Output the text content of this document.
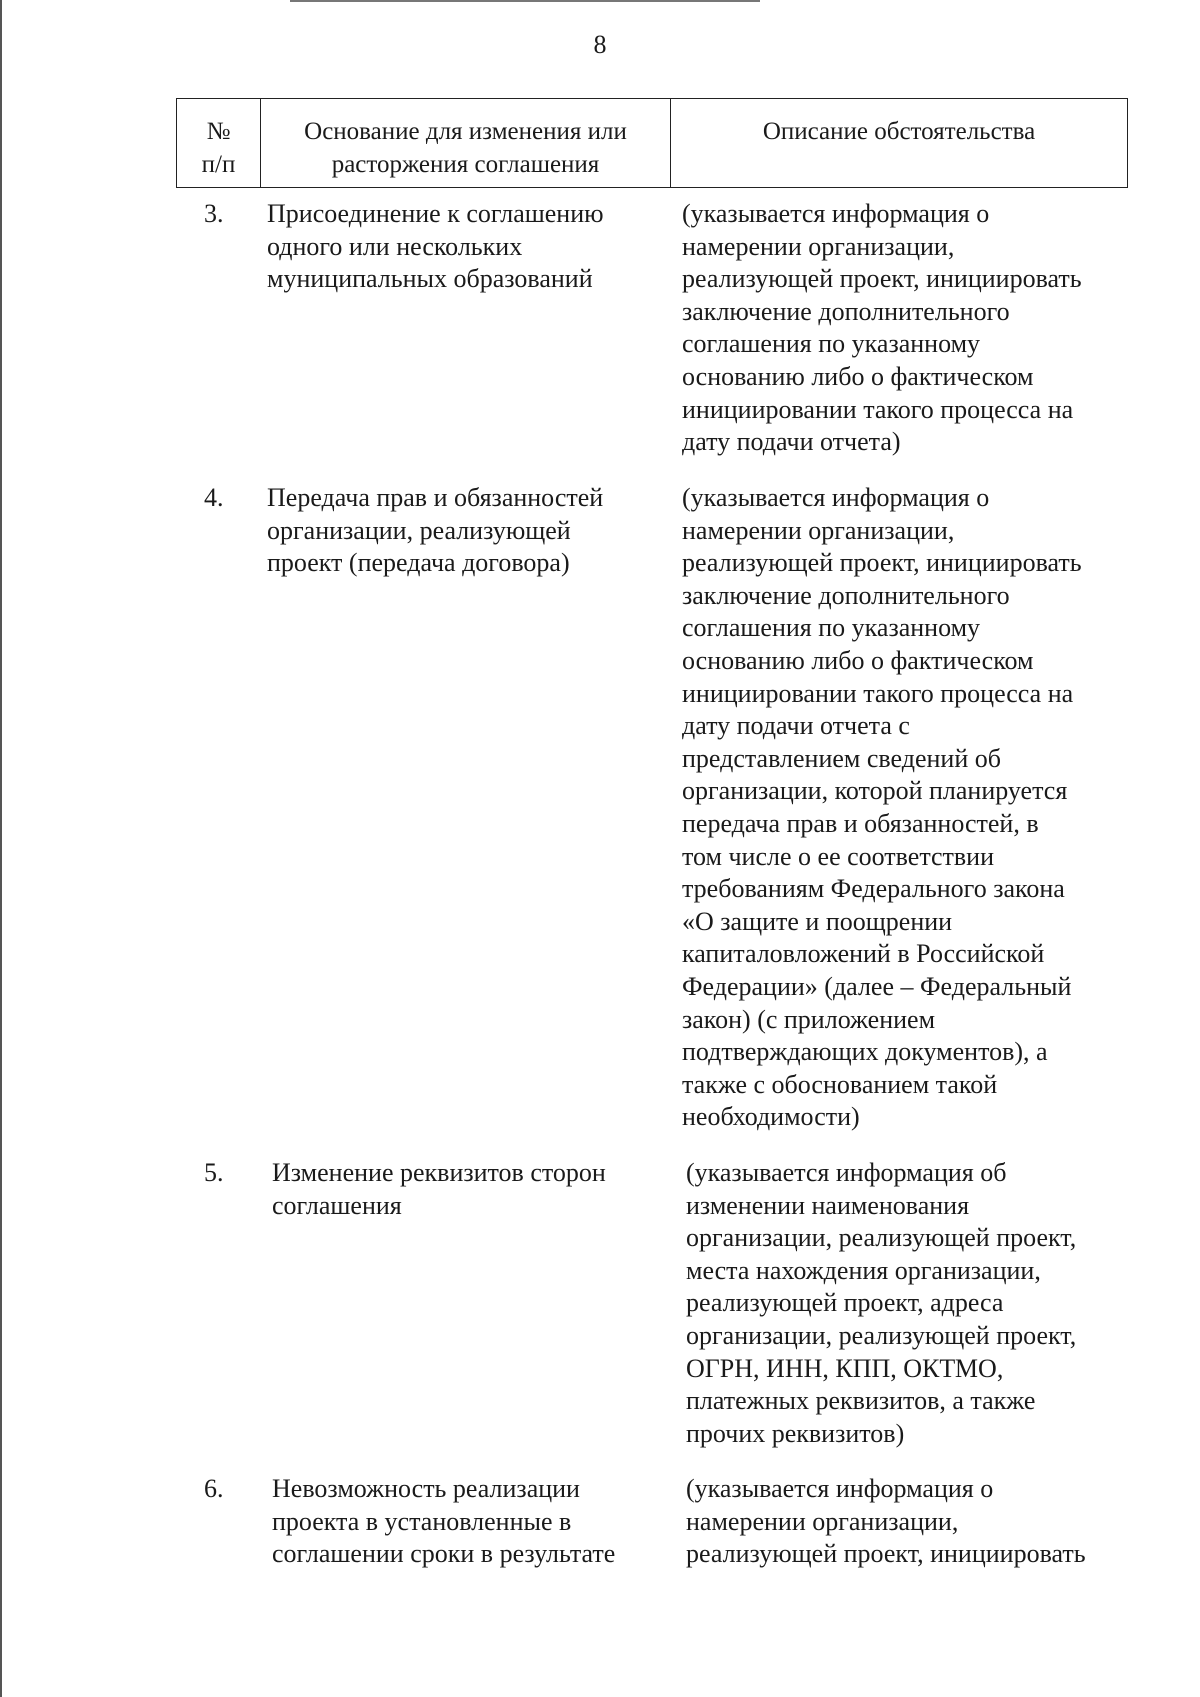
8
№
п/п
Основание для изменения или
расторжения соглашения
Описание обстоятельства
3. Присоединение к соглашению
одного или нескольких
муниципальных образований
(указывается информация о
намерении организации,
реализующей проект, инициировать
заключение дополнительного
соглашения по указанному
основанию либо о фактическом
инициировании такого процесса на
дату подачи отчета)
4. Передача прав и обязанностей
организации, реализующей
проект (передача договора)
(указывается информация о
намерении организации,
реализующей проект, инициировать
заключение дополнительного
соглашения по указанному
основанию либо о фактическом
инициировании такого процесса на
дату подачи отчета с
представлением сведений об
организации, которой планируется
передача прав и обязанностей, в
том числе о ее соответствии
требованиям Федерального закона
«О защите и поощрении
капиталовложений в Российской
Федерации» (далее – Федеральный
закон) (с приложением
подтверждающих документов), а
также с обоснованием такой
необходимости)
5. Изменение реквизитов сторон
соглашения
(указывается информация об
изменении наименования
организации, реализующей проект,
места нахождения организации,
реализующей проект, адреса
организации, реализующей проект,
ОГРН, ИНН, КПП, ОКТМО,
платежных реквизитов, а также
прочих реквизитов)
6. Невозможность реализации
проекта в установленные в
соглашении сроки в результате
(указывается информация о
намерении организации,
реализующей проект, инициировать
